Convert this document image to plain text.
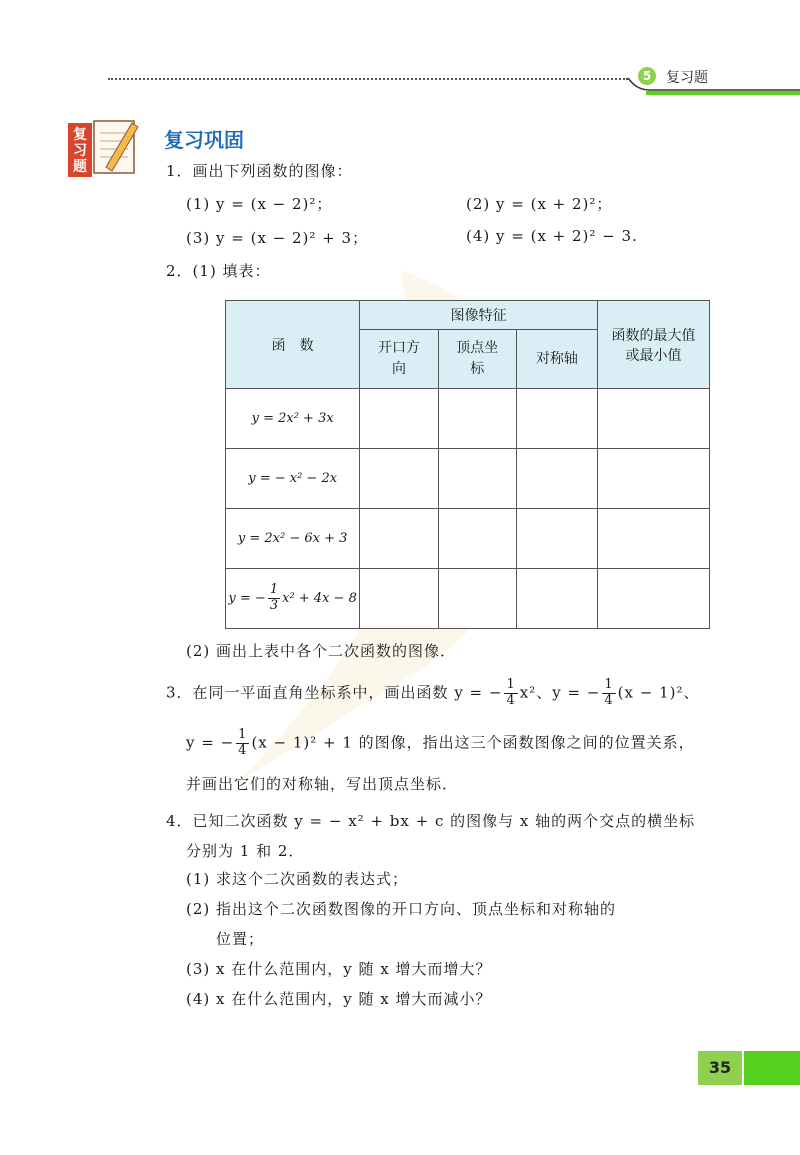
5	复习题
复
习
题
复习巩固
1．画出下列函数的图像：
(1) y = (x − 2)²；	(2) y = (x + 2)²；
(3) y = (x − 2)² + 3；	(4) y = (x + 2)² − 3.
2．(1) 填表：
函　数	图像特征			函数的最大值或最小值
	开口方向	顶点坐标	对称轴	
y = 2x² + 3x				
y = − x² − 2x				
y = 2x² − 6x + 3				
y = − $\frac{1}{3} x^2 + 4x - 8$				
(2) 画出上表中各个二次函数的图像．
3．在同一平面直角坐标系中，画出函数 y = − $\frac{1}{4} x^2$、y = − $\frac{1}{4} (x - 1)^2$、
y = − $\frac{1}{4} (x - 1)^2 + 1$ 的图像，指出这三个函数图像之间的位置关系，
并画出它们的对称轴，写出顶点坐标．
4．已知二次函数 y = − x² + bx + c 的图像与 x 轴的两个交点的横坐标
分别为 1 和 2．
(1) 求这个二次函数的表达式；
(2) 指出这个二次函数图像的开口方向、顶点坐标和对称轴的
位置；
(3) x 在什么范围内，y 随 x 增大而增大？
(4) x 在什么范围内，y 随 x 增大而减小？
35
